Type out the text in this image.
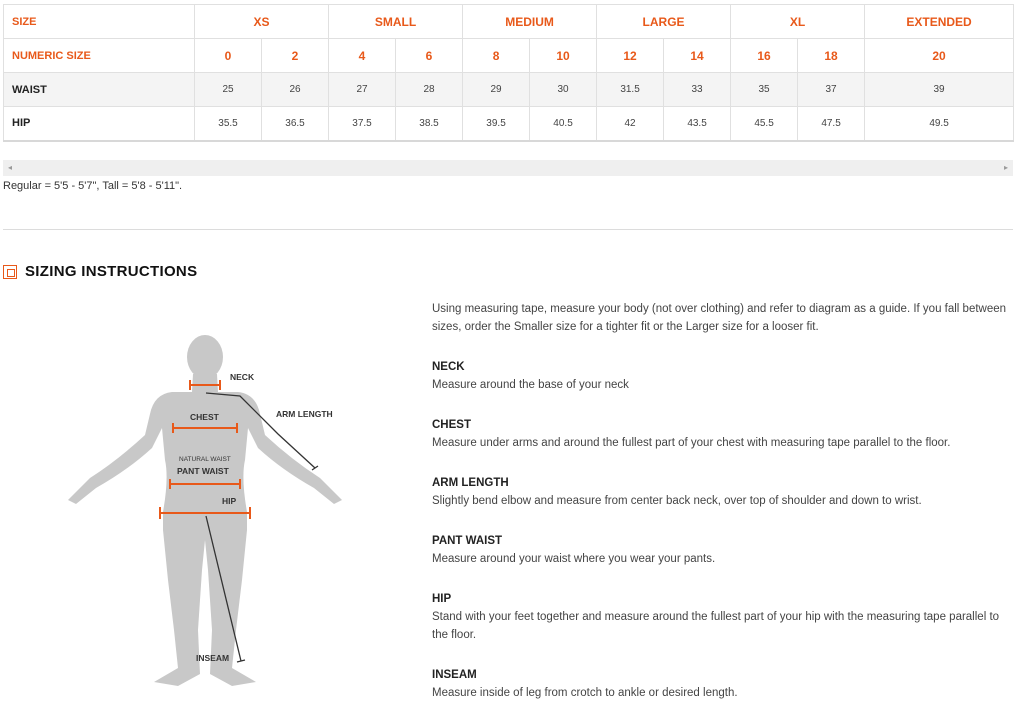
SIZE	XS		SMALL		MEDIUM		LARGE		XL		EXTENDED
NUMERIC SIZE	0	2	4	6	8	10	12	14	16	18	20
WAIST	25	26	27	28	29	30	31.5	33	35	37	39
HIP	35.5	36.5	37.5	38.5	39.5	40.5	42	43.5	45.5	47.5	49.5
◂	▸
Regular = 5'5 - 5'7", Tall = 5'8 - 5'11".
SIZING INSTRUCTIONS
NECK
ARM LENGTH
CHEST
NATURAL WAIST
PANT WAIST
HIP
INSEAM

Using measuring tape, measure your body (not over clothing) and refer to diagram as a guide. If you fall between sizes, order the Smaller size for a tighter fit or the Larger size for a looser fit.

NECK
Measure around the base of your neck
CHEST
Measure under arms and around the fullest part of your chest with measuring tape parallel to the floor.
ARM LENGTH
Slightly bend elbow and measure from center back neck, over top of shoulder and down to wrist.
PANT WAIST
Measure around your waist where you wear your pants.
HIP
Stand with your feet together and measure around the fullest part of your hip with the measuring tape parallel to the floor.
INSEAM
Measure inside of leg from crotch to ankle or desired length.
